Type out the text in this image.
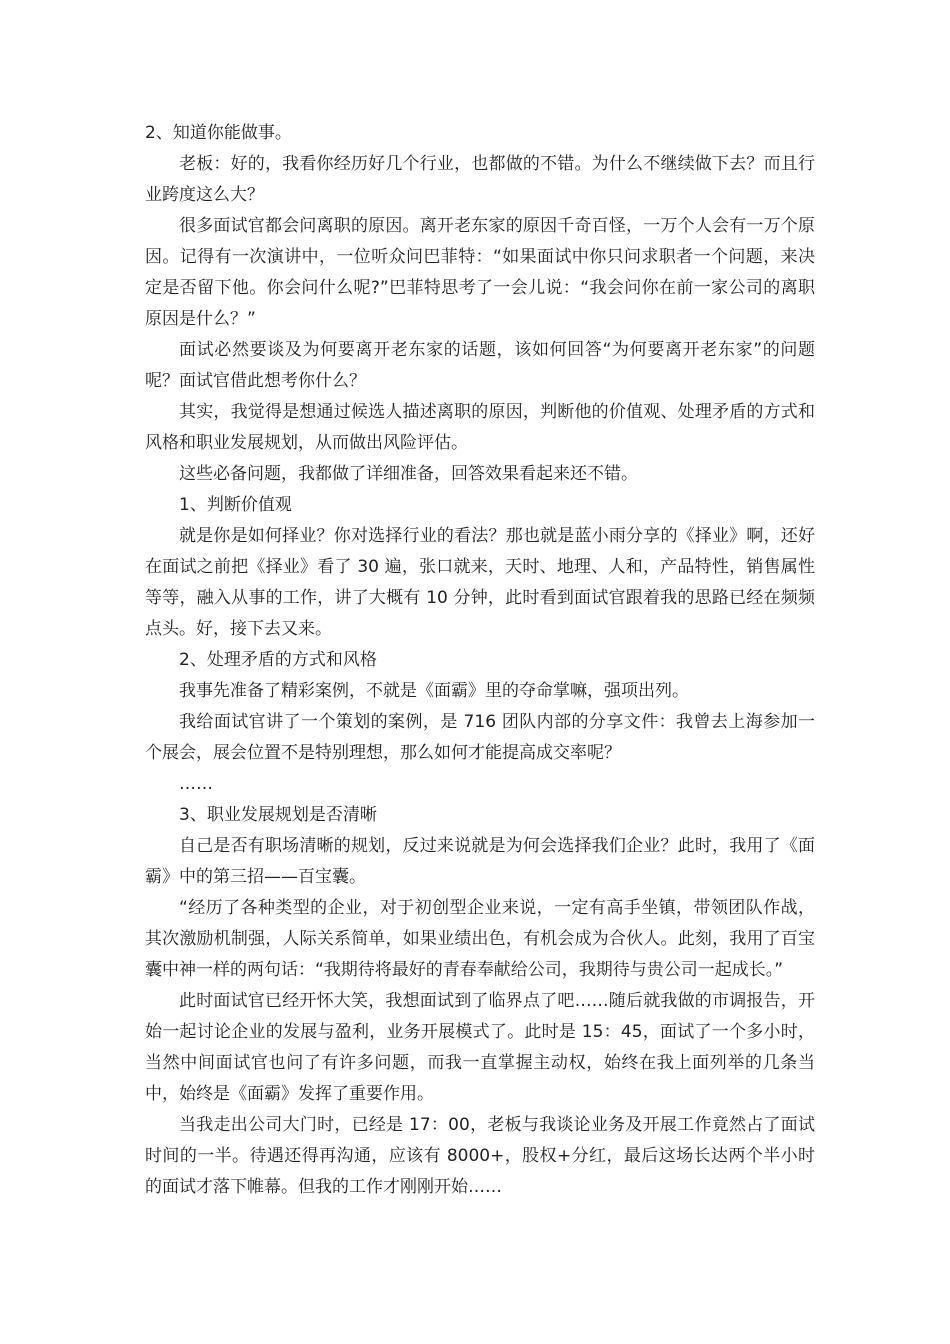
2、知道你能做事。

老板：好的，我看你经历好几个行业，也都做的不错。为什么不继续做下去？而且行业跨度这么大？

很多面试官都会问离职的原因。离开老东家的原因千奇百怪，一万个人会有一万个原因。记得有一次演讲中，一位听众问巴菲特：“如果面试中你只问求职者一个问题，来决定是否留下他。你会问什么呢?”巴菲特思考了一会儿说：“我会问你在前一家公司的离职原因是什么？”

面试必然要谈及为何要离开老东家的话题，该如何回答“为何要离开老东家”的问题呢？面试官借此想考你什么？

其实，我觉得是想通过候选人描述离职的原因，判断他的价值观、处理矛盾的方式和风格和职业发展规划，从而做出风险评估。

这些必备问题，我都做了详细准备，回答效果看起来还不错。

1、判断价值观

就是你是如何择业？你对选择行业的看法？那也就是蓝小雨分享的《择业》啊，还好在面试之前把《择业》看了 30 遍，张口就来，天时、地理、人和，产品特性，销售属性等等，融入从事的工作，讲了大概有 10 分钟，此时看到面试官跟着我的思路已经在频频点头。好，接下去又来。

2、处理矛盾的方式和风格

我事先准备了精彩案例，不就是《面霸》里的夺命掌嘛，强项出列。

我给面试官讲了一个策划的案例，是 716 团队内部的分享文件：我曾去上海参加一个展会，展会位置不是特别理想，那么如何才能提高成交率呢？

……

3、职业发展规划是否清晰

自己是否有职场清晰的规划，反过来说就是为何会选择我们企业？此时，我用了《面霸》中的第三招——百宝囊。

“经历了各种类型的企业，对于初创型企业来说，一定有高手坐镇，带领团队作战，其次激励机制强，人际关系简单，如果业绩出色，有机会成为合伙人。此刻，我用了百宝囊中神一样的两句话：“我期待将最好的青春奉献给公司，我期待与贵公司一起成长。”

此时面试官已经开怀大笑，我想面试到了临界点了吧……随后就我做的市调报告，开始一起讨论企业的发展与盈利，业务开展模式了。此时是 15：45，面试了一个多小时，当然中间面试官也问了有许多问题，而我一直掌握主动权，始终在我上面列举的几条当中，始终是《面霸》发挥了重要作用。

当我走出公司大门时，已经是 17：00，老板与我谈论业务及开展工作竟然占了面试时间的一半。待遇还得再沟通，应该有 8000+，股权+分红，最后这场长达两个半小时的面试才落下帷幕。但我的工作才刚刚开始……
